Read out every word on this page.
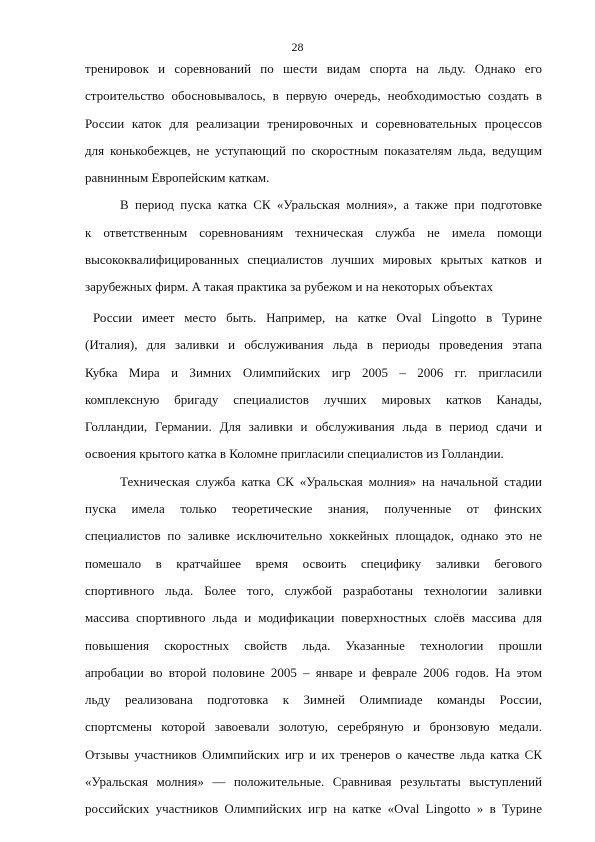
28
тренировок и соревнований по шести видам спорта на льду. Однако его
строительство обосновывалось, в первую очередь, необходимостью создать в
России каток для реализации тренировочных и соревновательных процессов
для конькобежцев, не уступающий по скоростным показателям льда, ведущим
равнинным Европейским каткам.
В период пуска катка СК «Уральская молния», а также при подготовке
к ответственным соревнованиям техническая служба не имела помощи
высококвалифицированных специалистов лучших мировых крытых катков и
зарубежных фирм. А такая практика за рубежом и на некоторых объектах
России имеет место быть. Например, на катке Oval Lingotto в Турине
(Италия), для заливки и обслуживания льда в периоды проведения этапа
Кубка Мира и Зимних Олимпийских игр 2005 – 2006 гг. пригласили
комплексную бригаду специалистов лучших мировых катков Канады,
Голландии, Германии. Для заливки и обслуживания льда в период сдачи и
освоения крытого катка в Коломне пригласили специалистов из Голландии.
Техническая служба катка СК «Уральская молния» на начальной стадии
пуска имела только теоретические знания, полученные от финских
специалистов по заливке исключительно хоккейных площадок, однако это не
помешало в кратчайшее время освоить специфику заливки бегового
спортивного льда. Более того, службой разработаны технологии заливки
массива спортивного льда и модификации поверхностных слоёв массива для
повышения скоростных свойств льда. Указанные технологии прошли
апробации во второй половине 2005 – январе и феврале 2006 годов. На этом
льду реализована подготовка к Зимней Олимпиаде команды России,
спортсмены которой завоевали золотую, серебряную и бронзовую медали.
Отзывы участников Олимпийских игр и их тренеров о качестве льда катка СК
«Уральская молния» — положительные. Сравнивая результаты выступлений
российских участников Олимпийских игр на катке «Oval Lingotto » в Турине
